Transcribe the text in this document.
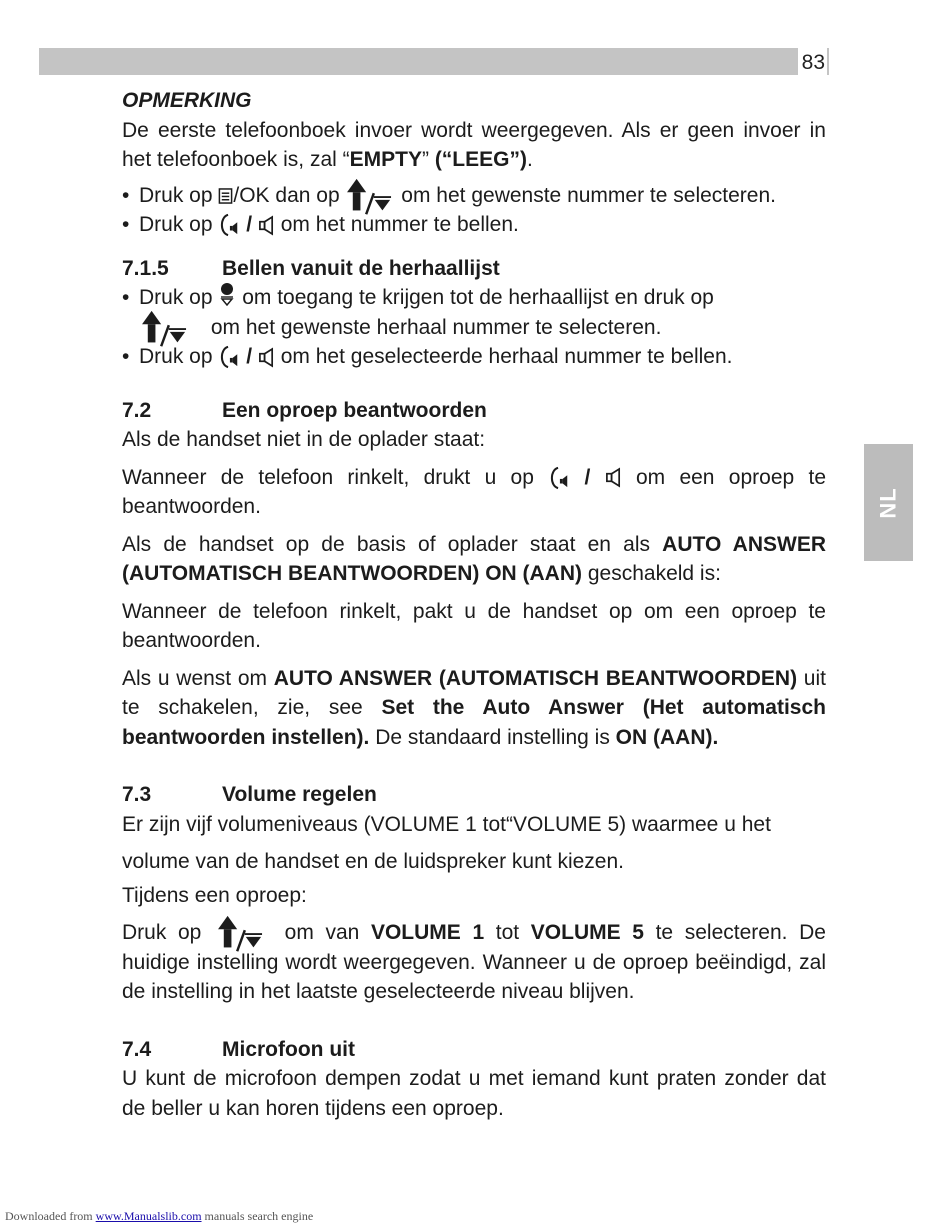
83
NL

OPMERKING

De eerste telefoonboek invoer wordt weergegeven. Als er geen invoer in het telefoonboek is, zal “EMPTY” (“LEEG”).

• Druk op /OK dan op  om het gewenste nummer te selecteren.
• Druk op  /  om het nummer te bellen.
7.1.5	Bellen vanuit de herhaallijst
• Druk op  om toegang te krijgen tot de herhaallijst en druk op

om het gewenste herhaal nummer te selecteren.

• Druk op  /  om het geselecteerde herhaal nummer te bellen.
7.2	Een oproep beantwoorden

Als de handset niet in de oplader staat:

Wanneer de telefoon rinkelt, drukt u op  /  om een oproep te beantwoorden.

Als de handset op de basis of oplader staat en als AUTO ANSWER (AUTOMATISCH BEANTWOORDEN) ON (AAN) geschakeld is:

Wanneer de telefoon rinkelt, pakt u de handset op om een oproep te beantwoorden.

Als u wenst om AUTO ANSWER (AUTOMATISCH BEANTWOORDEN) uit te schakelen, zie, see Set the Auto Answer (Het automatisch beantwoorden instellen). De standaard instelling is ON (AAN).

7.3	Volume regelen

Er zijn vijf volumeniveaus (VOLUME 1 tot“VOLUME 5) waarmee u het

volume van de handset en de luidspreker kunt kiezen.

Tijdens een oproep:

Druk op	om van VOLUME 1 tot VOLUME 5 te selecteren. De huidige instelling wordt weergegeven. Wanneer u de oproep beëindigd, zal de instelling in het laatste geselecteerde niveau blijven.

7.4	Microfoon uit

U kunt de microfoon dempen zodat u met iemand kunt praten zonder dat de beller u kan horen tijdens een oproep.

Downloaded from www.Manualslib.com manuals search engine
